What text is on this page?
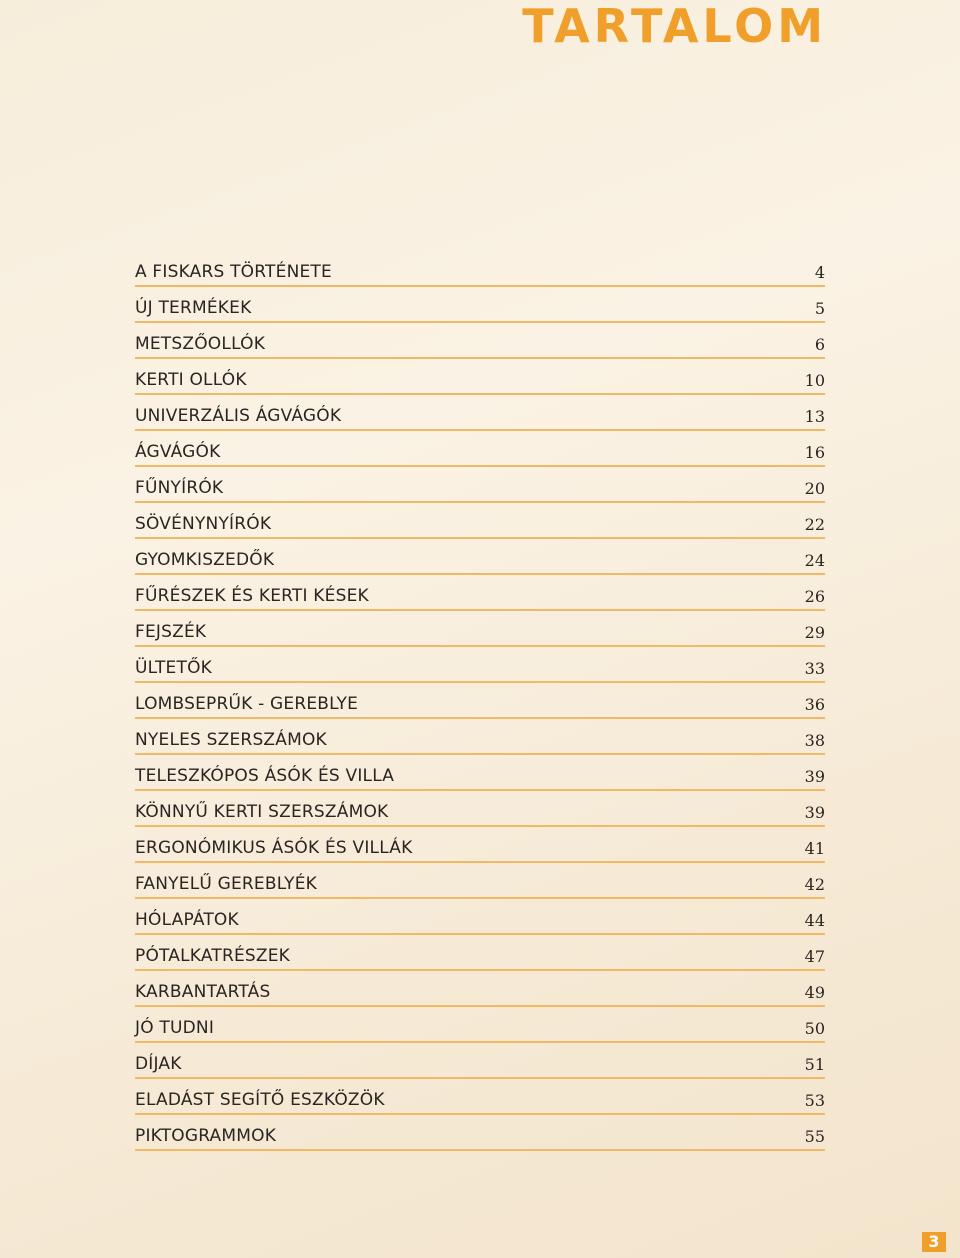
TARTALOM
A FISKARS TÖRTÉNETE	4
ÚJ TERMÉKEK	5
METSZŐOLLÓK	6
KERTI OLLÓK	10
UNIVERZÁLIS ÁGVÁGÓK	13
ÁGVÁGÓK	16
FŰNYÍRÓK	20
SÖVÉNYNYÍRÓK	22
GYOMKISZEDŐK	24
FŰRÉSZEK ÉS KERTI KÉSEK	26
FEJSZÉK	29
ÜLTETŐK	33
LOMBSEPRŰK - GEREBLYE	36
NYELES SZERSZÁMOK	38
TELESZKÓPOS ÁSÓK ÉS VILLA	39
KÖNNYŰ KERTI SZERSZÁMOK	39
ERGONÓMIKUS ÁSÓK ÉS VILLÁK	41
FANYELŰ GEREBLYÉK	42
HÓLAPÁTOK	44
PÓTALKATRÉSZEK	47
KARBANTARTÁS	49
JÓ TUDNI	50
DÍJAK	51
ELADÁST SEGÍTŐ ESZKÖZÖK	53
PIKTOGRAMMOK	55
3
